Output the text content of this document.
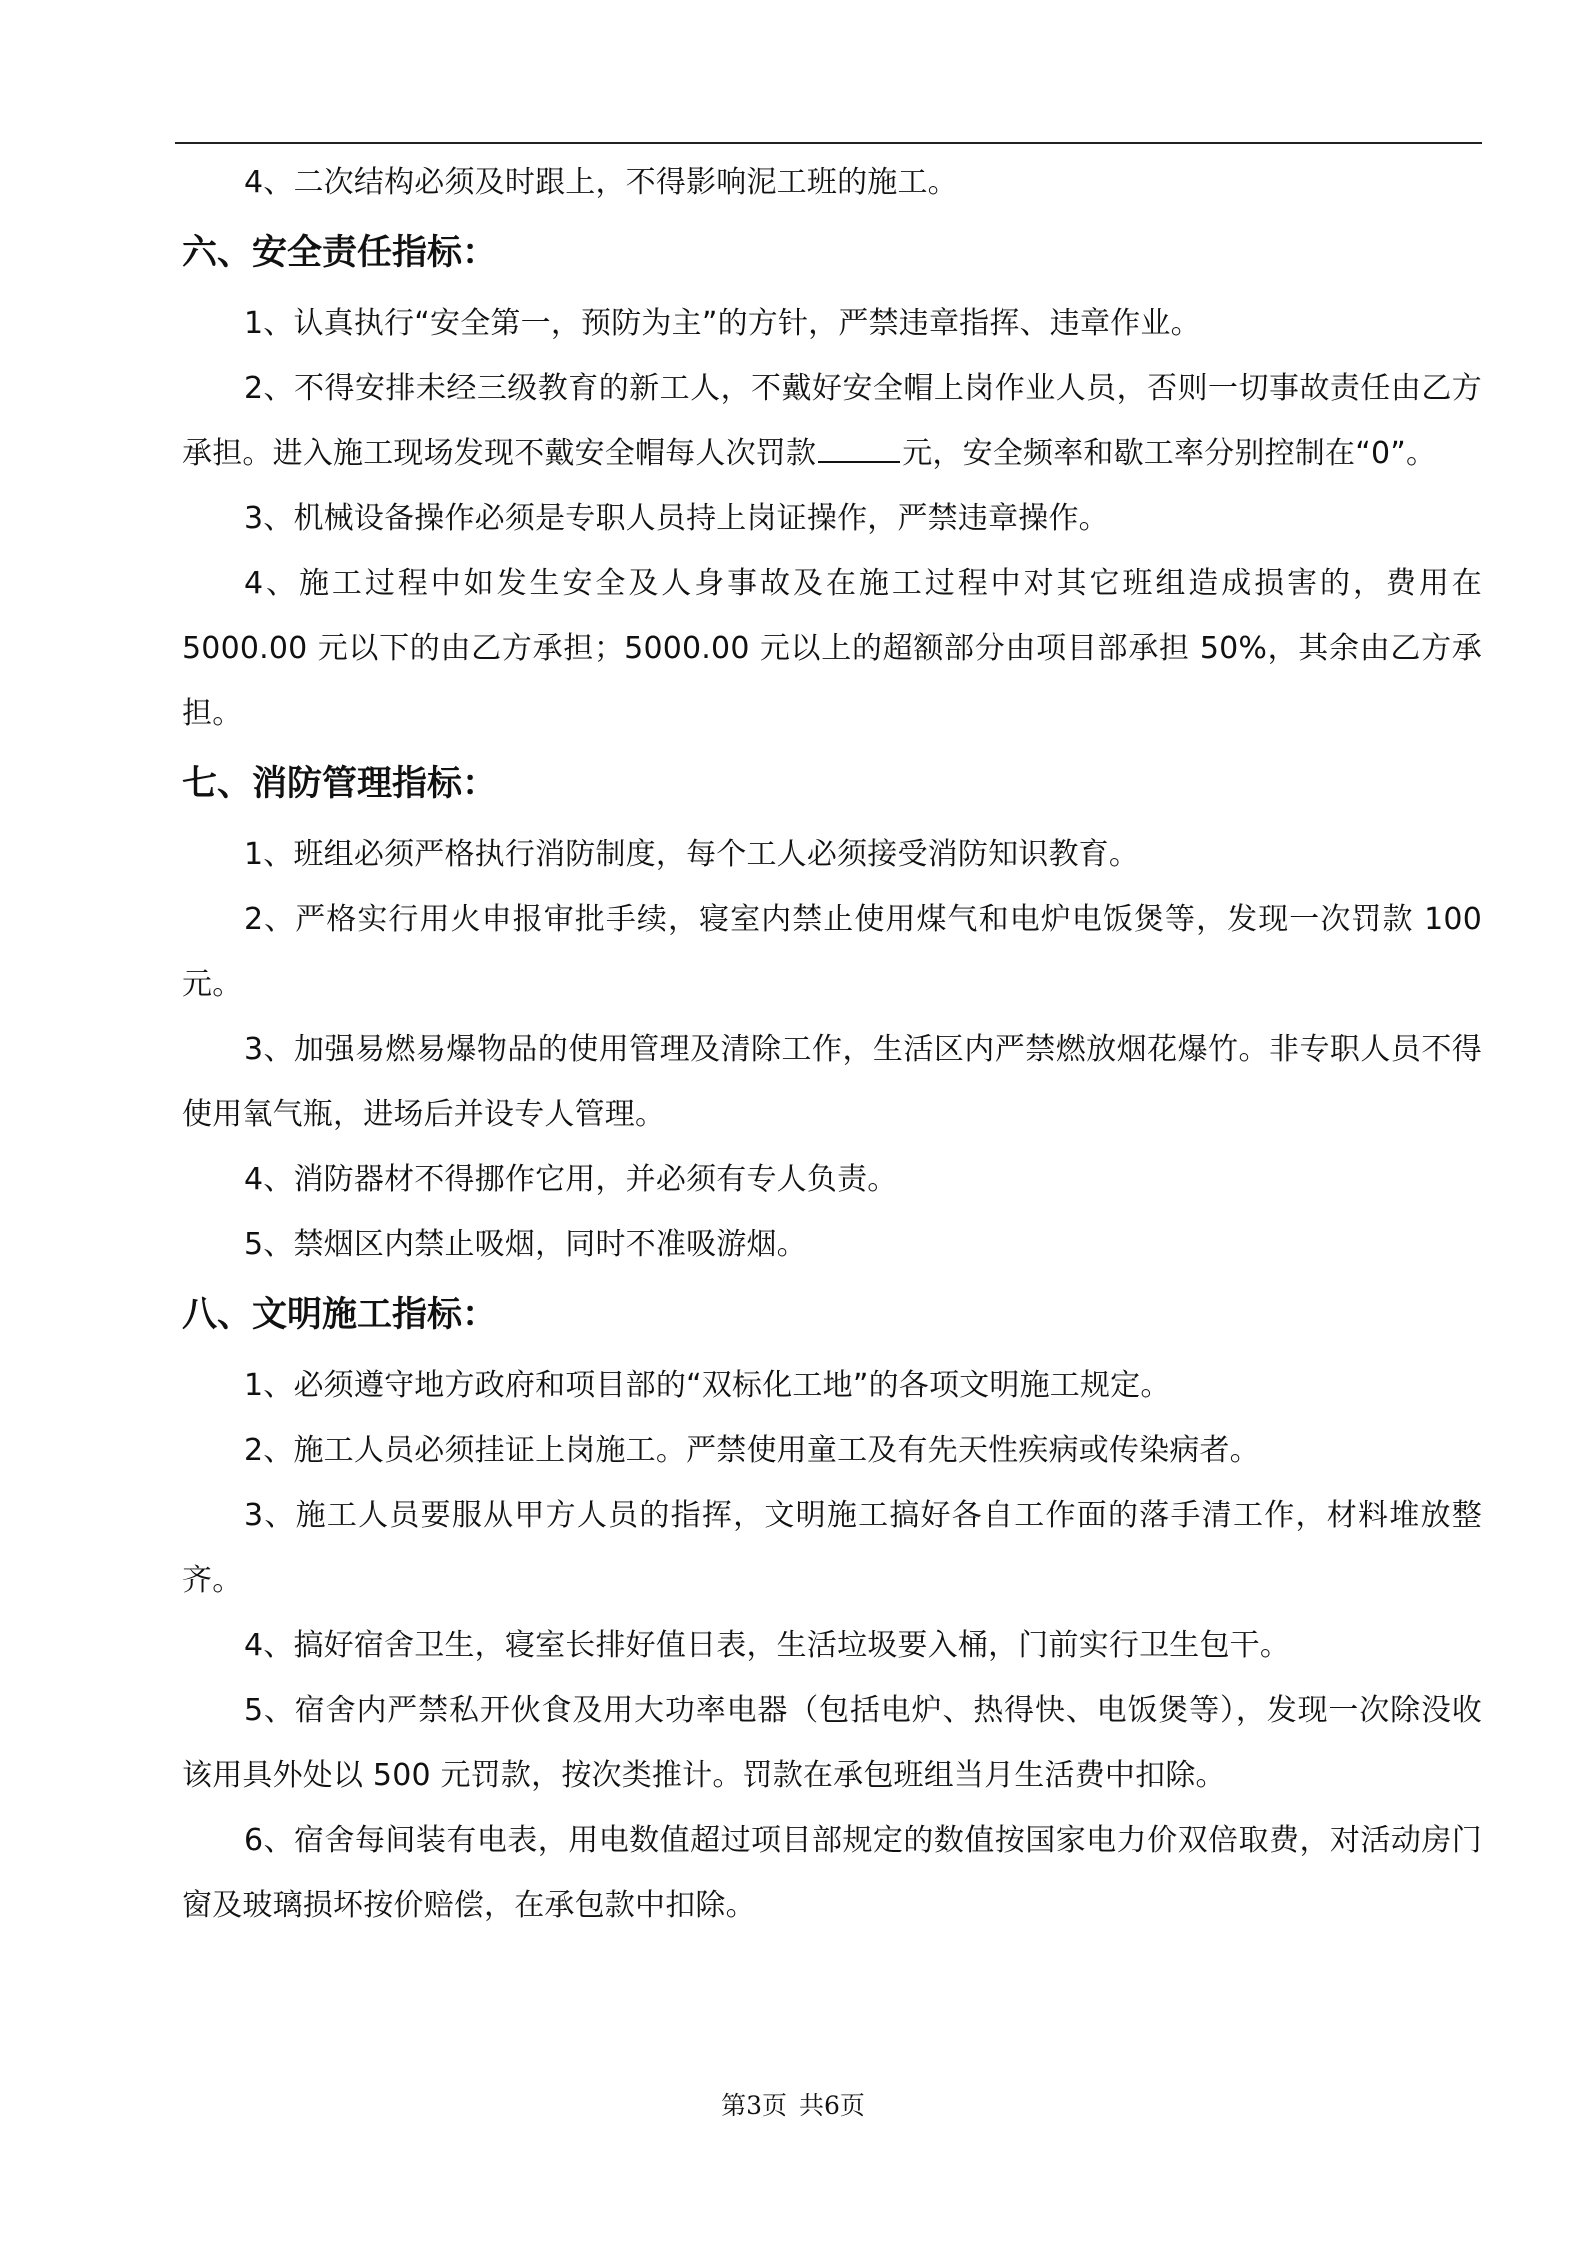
4、二次结构必须及时跟上，不得影响泥工班的施工。

六、安全责任指标：

1、认真执行“安全第一，预防为主”的方针，严禁违章指挥、违章作业。

2、不得安排未经三级教育的新工人，不戴好安全帽上岗作业人员，否则一切事故责任由乙方承担。进入施工现场发现不戴安全帽每人次罚款	元，安全频率和歇工率分别控制在“0”。

3、机械设备操作必须是专职人员持上岗证操作，严禁违章操作。

4、施工过程中如发生安全及人身事故及在施工过程中对其它班组造成损害的，费用在5000.00 元以下的由乙方承担；5000.00 元以上的超额部分由项目部承担 50%，其余由乙方承担。

七、消防管理指标：

1、班组必须严格执行消防制度，每个工人必须接受消防知识教育。

2、严格实行用火申报审批手续，寝室内禁止使用煤气和电炉电饭煲等，发现一次罚款 100元。

3、加强易燃易爆物品的使用管理及清除工作，生活区内严禁燃放烟花爆竹。非专职人员不得使用氧气瓶，进场后并设专人管理。

4、消防器材不得挪作它用，并必须有专人负责。

5、禁烟区内禁止吸烟，同时不准吸游烟。

八、文明施工指标：

1、必须遵守地方政府和项目部的“双标化工地”的各项文明施工规定。

2、施工人员必须挂证上岗施工。严禁使用童工及有先天性疾病或传染病者。

3、施工人员要服从甲方人员的指挥，文明施工搞好各自工作面的落手清工作，材料堆放整齐。

4、搞好宿舍卫生，寝室长排好值日表，生活垃圾要入桶，门前实行卫生包干。

5、宿舍内严禁私开伙食及用大功率电器（包括电炉、热得快、电饭煲等），发现一次除没收该用具外处以 500 元罚款，按次类推计。罚款在承包班组当月生活费中扣除。

6、宿舍每间装有电表，用电数值超过项目部规定的数值按国家电力价双倍取费，对活动房门窗及玻璃损坏按价赔偿，在承包款中扣除。

第3页 共6页
